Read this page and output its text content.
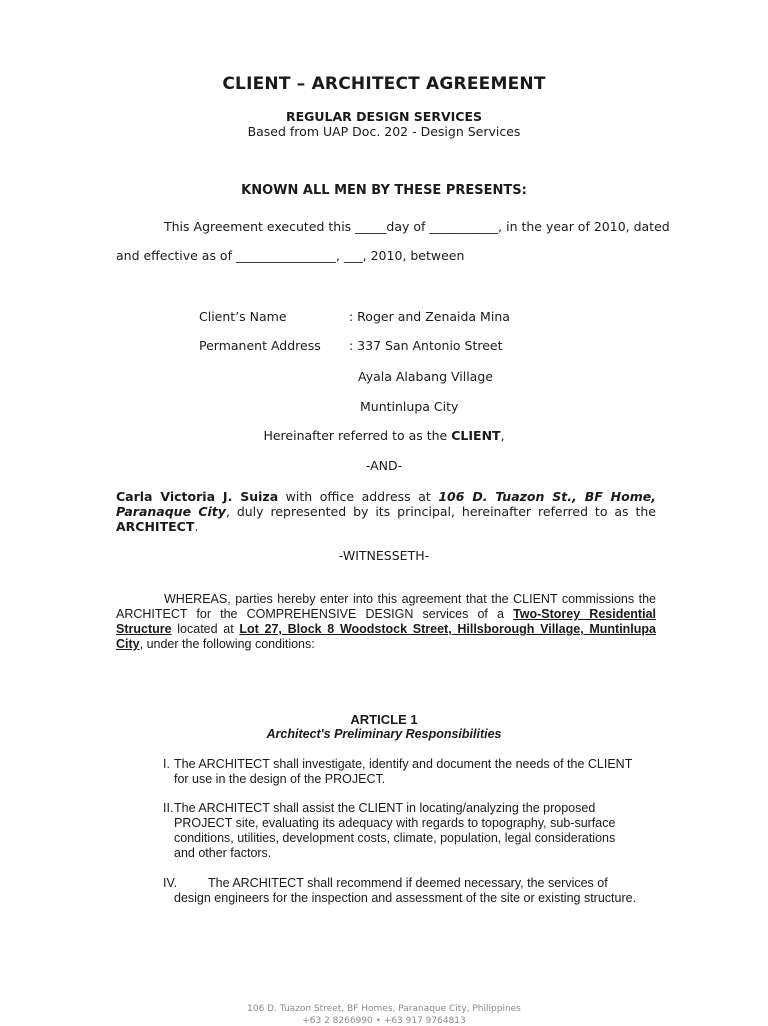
CLIENT – ARCHITECT AGREEMENT
REGULAR DESIGN SERVICES
Based from UAP Doc. 202 - Design Services
KNOWN ALL MEN BY THESE PRESENTS:
This Agreement executed this _____day of ___________, in the year of 2010, dated
and effective as of ________________, ___, 2010, between
Client’s Name	: Roger and Zenaida Mina
Permanent Address : 337 San Antonio Street
Ayala Alabang Village
Muntinlupa City
Hereinafter referred to as the CLIENT,
-AND-
Carla Victoria J. Suiza with office address at 106 D. Tuazon St., BF Home, Paranaque City, duly represented by its principal, hereinafter referred to as the ARCHITECT.
-WITNESSETH-
WHEREAS, parties hereby enter into this agreement that the CLIENT commissions the ARCHITECT for the COMPREHENSIVE DESIGN services of a Two-Storey Residential Structure located at Lot 27, Block 8 Woodstock Street, Hillsborough Village, Muntinlupa City, under the following conditions:
ARTICLE 1
Architect's Preliminary Responsibilities
I. The ARCHITECT shall investigate, identify and document the needs of the CLIENT
for use in the design of the PROJECT.
II.The ARCHITECT shall assist the CLIENT in locating/analyzing the proposed
PROJECT site, evaluating its adequacy with regards to topography, sub-surface
conditions, utilities, development costs, climate, population, legal considerations
and other factors.
IV. The ARCHITECT shall recommend if deemed necessary, the services of
design engineers for the inspection and assessment of the site or existing structure.
106 D. Tuazon Street, BF Homes, Paranaque City, Philippines
+63 2 8266990 • +63 917 9764813
